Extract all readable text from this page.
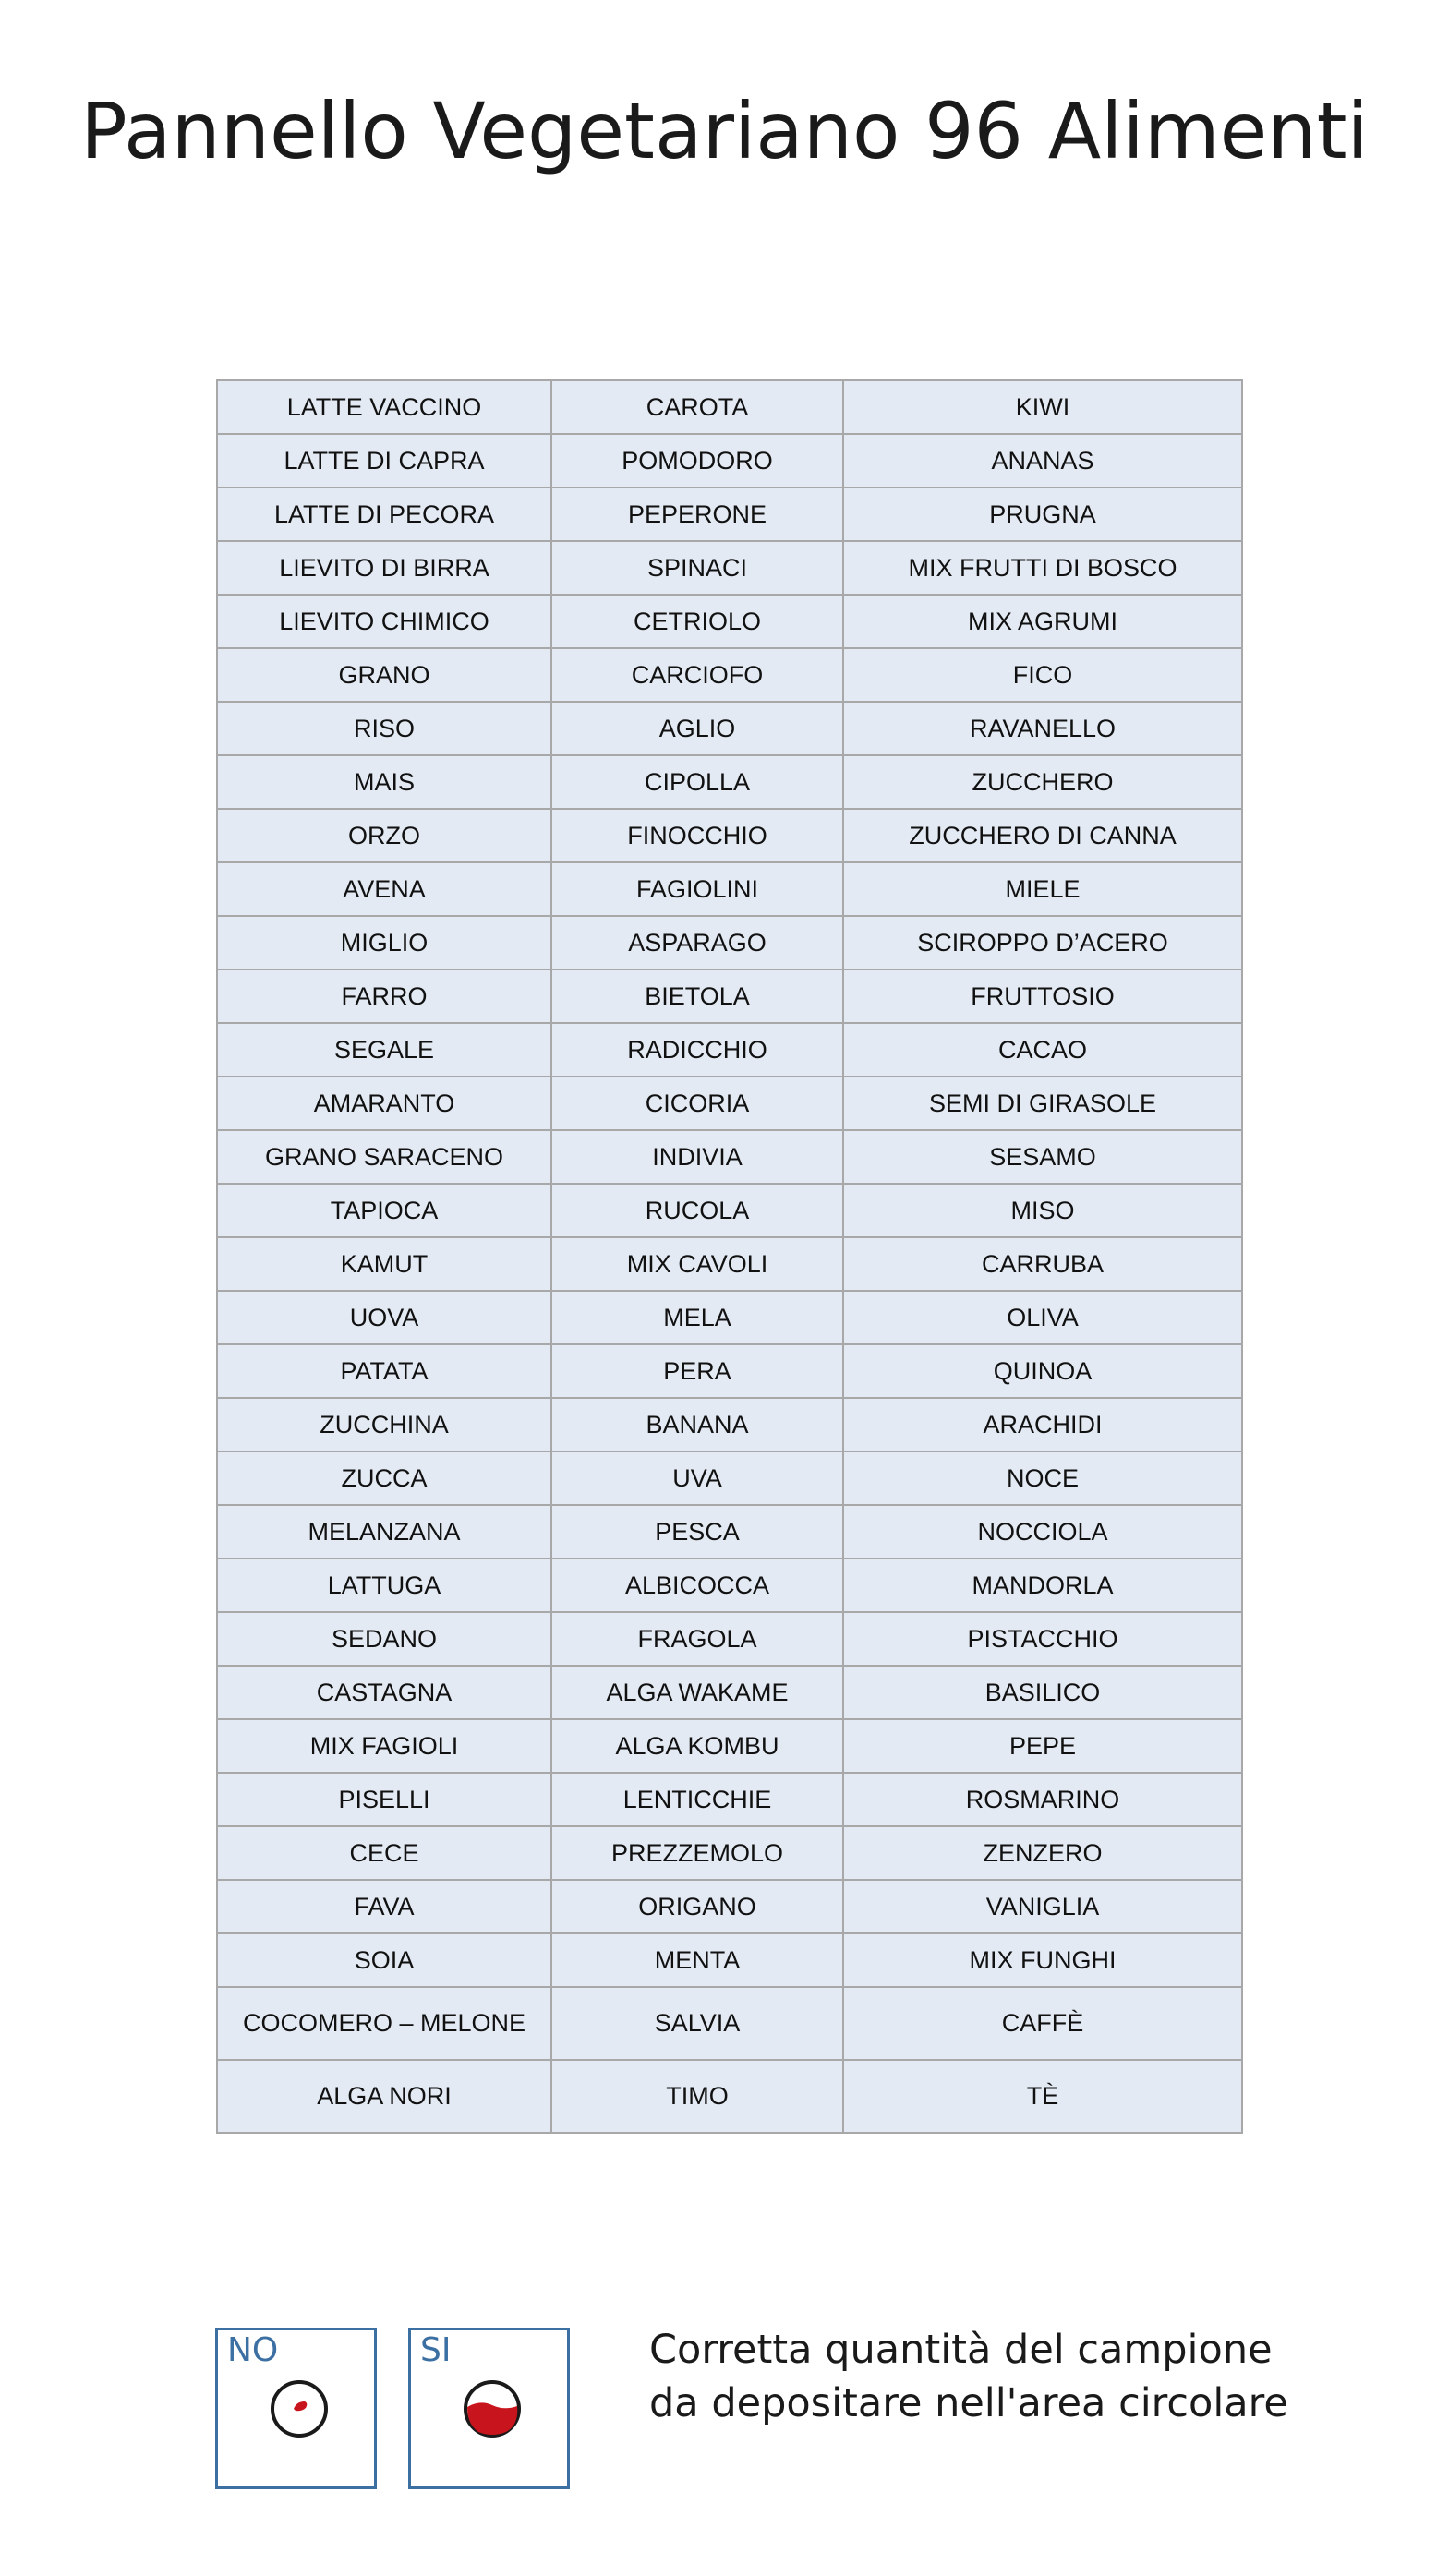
Pannello Vegetariano 96 Alimenti
LATTE VACCINO	CAROTA	KIWI
LATTE DI CAPRA	POMODORO	ANANAS
LATTE DI PECORA	PEPERONE	PRUGNA
LIEVITO DI BIRRA	SPINACI	MIX FRUTTI DI BOSCO
LIEVITO CHIMICO	CETRIOLO	MIX AGRUMI
GRANO	CARCIOFO	FICO
RISO	AGLIO	RAVANELLO
MAIS	CIPOLLA	ZUCCHERO
ORZO	FINOCCHIO	ZUCCHERO DI CANNA
AVENA	FAGIOLINI	MIELE
MIGLIO	ASPARAGO	SCIROPPO D’ACERO
FARRO	BIETOLA	FRUTTOSIO
SEGALE	RADICCHIO	CACAO
AMARANTO	CICORIA	SEMI DI GIRASOLE
GRANO SARACENO	INDIVIA	SESAMO
TAPIOCA	RUCOLA	MISO
KAMUT	MIX CAVOLI	CARRUBA
UOVA	MELA	OLIVA
PATATA	PERA	QUINOA
ZUCCHINA	BANANA	ARACHIDI
ZUCCA	UVA	NOCE
MELANZANA	PESCA	NOCCIOLA
LATTUGA	ALBICOCCA	MANDORLA
SEDANO	FRAGOLA	PISTACCHIO
CASTAGNA	ALGA WAKAME	BASILICO
MIX FAGIOLI	ALGA KOMBU	PEPE
PISELLI	LENTICCHIE	ROSMARINO
CECE	PREZZEMOLO	ZENZERO
FAVA	ORIGANO	VANIGLIA
SOIA	MENTA	MIX FUNGHI
COCOMERO – MELONE	SALVIA	CAFFÈ
ALGA NORI	TIMO	TÈ
NO	SI	Corretta quantità del campione
da depositare nell'area circolare
